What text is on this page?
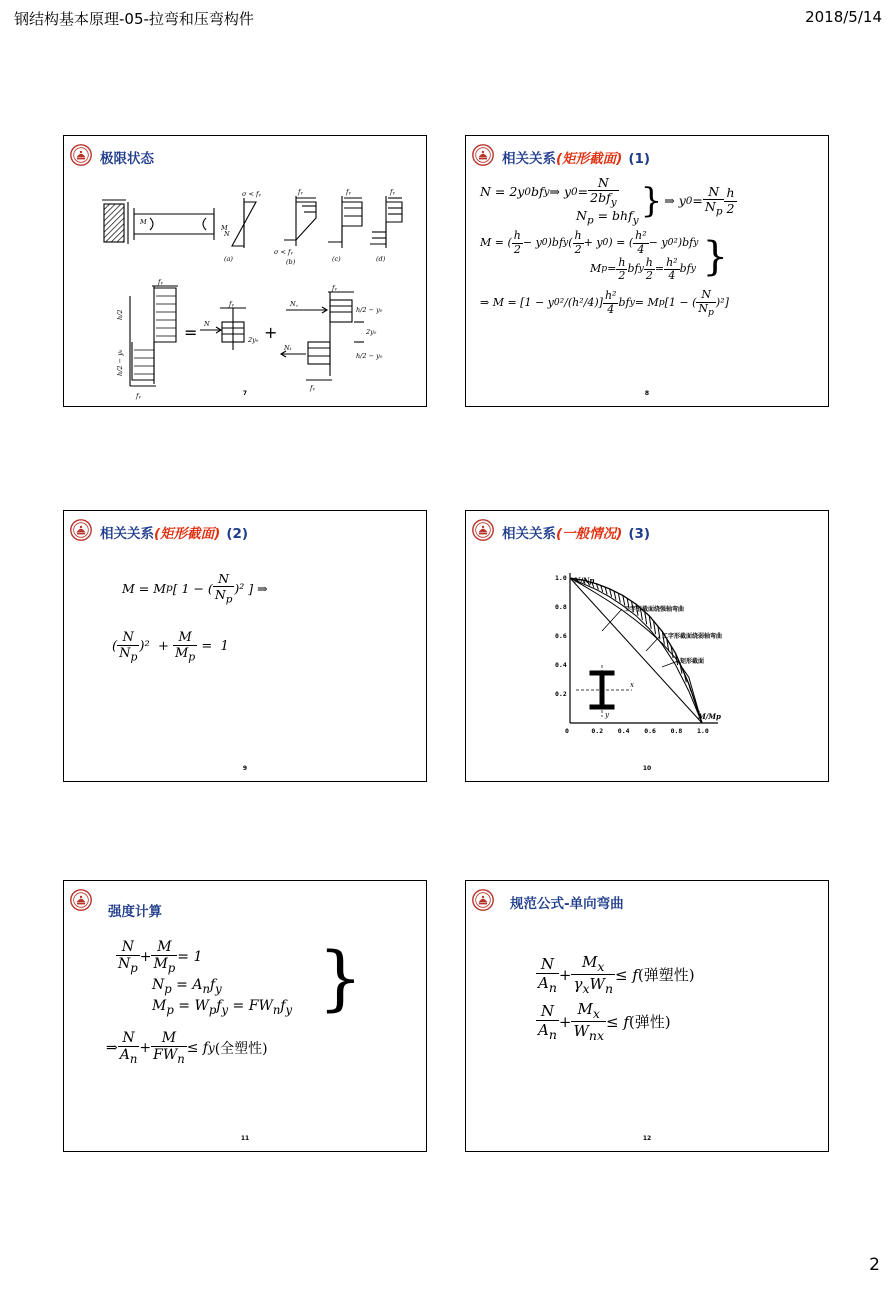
钢结构基本原理-05-拉弯和压弯构件	2018/5/14
极限状态
σ < fᵧ
M
M
N
fᵧ	fᵧ	fᵧ
(a)	(b)	(c)	(d)
σ < fᵧ
fᵧ
fᵧ
fᵧ
fᵧ
fᵧ
N
N꜀
Nₜ
h/2 − y₀
2y₀
h/2 − y₀
h/2
h/2 − y₀
2y₀
=	+
7
相关关系(矩形截面) (1)
N = 2y 0 bf y ⇒ y 0 =
N
$2bf_y$
$N_p = bhf_y$ } ⇒ y 0 =
N
$N_p$
h
2
M = (
h
2
− y 0 )bf y (
h
2
+ y 0 ) = (
h²
4
− y 0 ²)bf y
M p =
h
2
bf y
h
2
=
h²
4
bf y }
⇒ M = [1 − y 0 ²/(h²/4)]
h²
4
bf y = M p [1 − (
N
$N_p$
)²]
8
相关关系(矩形截面) (2)
M = M p [ 1 − (
N
$N_p$
)² ] ⇒
(
N
$N_p$
)²  +
M
$M_p$
=  1
9
相关关系(一般情况) (3)
0	0.2 0.4 0.6 0.8 1.0
1.0
0.8
0.6
0.4
0.2
N/Np
M/Mp
工字形截面绕强轴弯曲
工字形截面绕弱轴弯曲
矩形截面
x
y
10
强度计算
N
$N_p$
+
M
$M_p$
= 1
$N_p = A_nf_y$
$M_p = W_pf_y = FW_nf_y$ }
⇒
N
$A_n$
+
M
$FW_n$
≤ f y (全塑性)
11
规范公式-单向弯曲
N
$A_n$
+
$M_x$
$\gamma_xW_n$
≤ f (弹塑性)
N
$A_n$
+
$M_x$
$W_{nx}$
≤ f (弹性)
12
2
